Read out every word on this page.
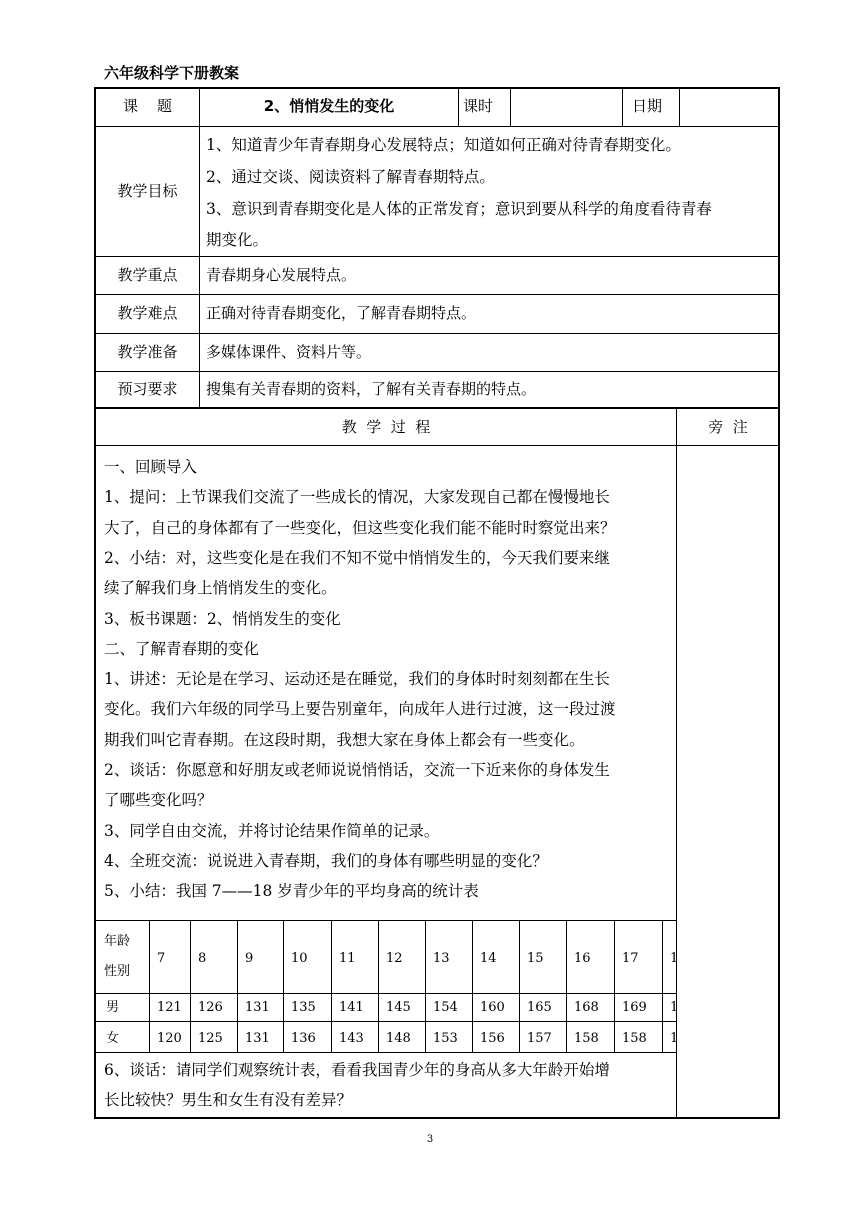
六年级科学下册教案
课    题	2、悄悄发生的变化	课时	日期
教学目标
1、知道青少年青春期身心发展特点；知道如何正确对待青春期变化。
2、通过交谈、阅读资料了解青春期特点。
3、意识到青春期变化是人体的正常发育；意识到要从科学的角度看待青春
期变化。
教学重点	青春期身心发展特点。
教学难点	正确对待青春期变化，了解青春期特点。
教学准备	多媒体课件、资料片等。
预习要求	搜集有关青春期的资料，了解有关青春期的特点。
教  学  过  程	旁  注
一、回顾导入
1、提问：上节课我们交流了一些成长的情况，大家发现自己都在慢慢地长
大了，自己的身体都有了一些变化，但这些变化我们能不能时时察觉出来？
2、小结：对，这些变化是在我们不知不觉中悄悄发生的，今天我们要来继
续了解我们身上悄悄发生的变化。
3、板书课题：2、悄悄发生的变化
二、了解青春期的变化
1、讲述：无论是在学习、运动还是在睡觉，我们的身体时时刻刻都在生长
变化。我们六年级的同学马上要告别童年，向成年人进行过渡，这一段过渡
期我们叫它青春期。在这段时期，我想大家在身体上都会有一些变化。
2、谈话：你愿意和好朋友或老师说说悄悄话，交流一下近来你的身体发生
了哪些变化吗？
3、同学自由交流，并将讨论结果作简单的记录。
4、全班交流：说说进入青春期，我们的身体有哪些明显的变化？
5、小结：我国 7——18 岁青少年的平均身高的统计表
年龄
性别
7	8	9	10 11 12 13 14 15 16 17 1
男	121 126 131 135 141 145 154 160 165 168 169 1
女	120 125 131 136 143 148 153 156 157 158 158 1
6、谈话：请同学们观察统计表，看看我国青少年的身高从多大年龄开始增
长比较快？男生和女生有没有差异？
3
